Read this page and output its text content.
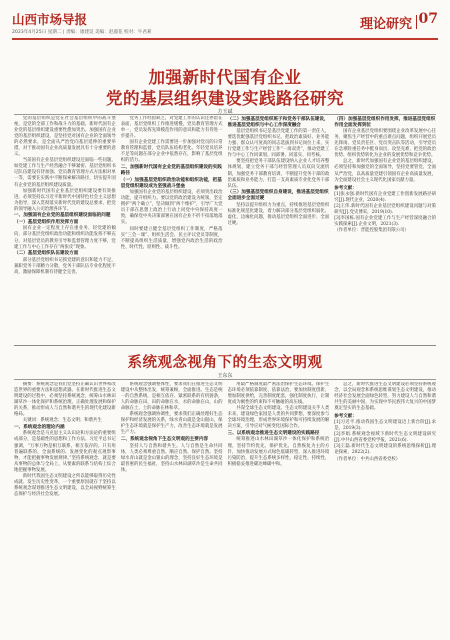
山西市场导报
2023年4月25日 星期二 | 责编：康建昊 美编：赵淑花 校对：牛君莉
理论研究 07
加强新时代国有企业
党的基层组织建设实践路径研究
方玉斌

党的基层组织是党在社会基层组织中的战斗堡垒，是党的全部工作和战斗力的基础。新时代国有企业党的基层组织建设重要性愈加突出。加强国有企业党的基层组织建设，是坚持党对国有企业的全面领导的必然要求，是全面从严治党向基层延伸的重要举措，对于推动国有企业高质量发展具有十分重要的意义。

当前国有企业基层党组织建设还面临一些问题，如党建工作与生产经营融合不够紧密、基层党组织书记队伍建设有待加强、党员教育管理方式方法相对单一等，需要在实践中不断探索解决路径，切实提升国有企业党的基层组织建设质量。

加强新时代国有企业基层党组织建设要有效推进，必须坚持以习近平新时代中国特色社会主义思想为指导，深入贯彻落实新时代党的建设总要求，把党的领导融入公司治理各环节。

一、加强国有企业党的基层组织建设面临的问题
（一）基层党组织作用发挥方面

国有企业一定程度上存在重业务、轻党建的倾向，部分基层党组织政治功能和组织功能发挥不够充分，对基层党员的教育引导和监督管理力度不够，党建工作与中心工作存在“两张皮”现象。

（二）基层党组织队伍建设方面

部分基层党组织书记抓党建的意识和能力不足，兼职党务干部精力分散，党务干部队伍专业化程度不高，激励保障机制有待健全完善。

党务工作经验缺乏，对党建工作的认识还停留在表面，基层党组织工作推进缓慢，党员教育管理方式单一，党员发挥先锋模范作用的意识和能力有待进一步提升。

国有企业党建工作需要进一步加强对党员的日常教育管理和监督，党员队伍结构老化、年轻党员培养不足等问题在部分企业中依然存在，影响了基层党组织的活力。

二、加强新时代国有企业党的基层组织建设的实践路径
（一）加强基层党组织政治功能和组织功能，把基层党组织建设成为坚强战斗堡垒

加强国有企业党的基层组织建设，必须突出政治功能，提升组织力。要以党的政治建设为统领，坚定拥护“两个确立”，坚决做到“两个维护”，引导广大党员干部在思想上政治上行动上同党中央保持高度一致，确保党中央决策部署在国有企业不折不扣落地落实。

同时要建立健全基层党组织工作制度，严格落实“三会一课”、组织生活会、民主评议党员等制度，不断提高组织生活质量，增强党内政治生活的政治性、时代性、原则性、战斗性。

（二）加强基层党组织班子和党务干部队伍建设，推进基层党组织与中心工作深度融合

基层党组织书记是基层党建工作的第一责任人，要选优配强基层党组织书记，把政治素质好、业务能力强、群众认可度高的同志选拔到书记岗位上来，实行党建工作与生产经营工作“一岗双责”，推动党建工作与中心工作同谋划、同部署、同落实、同考核。

要坚持把党务干部队伍建设纳入企业人才培养整体规划，建立党务干部与经营管理人员双向交流机制，加强党务干部教育培训，不断提升党务干部的政治素质和业务能力，打造一支高素质专业化党务干部队伍。

（三）加强基层党组织自身建设，推进基层党组织全面进步全面过硬

坚持以提升组织力为重点，持续推进基层党组织标准化规范化建设，着力解决部分基层党组织弱化、虚化、边缘化问题，推动基层党组织全面进步、全面过硬。

（四）加强基层党组织作用发挥，推进基层党组织作用全面发挥到位

国有企业基层党组织要围绕企业改革发展中心任务，聚焦生产经营中的重点难点问题，组织开展党员先锋岗、党员责任区、党员突击队等活动，引导党员在急难险重任务中挺身而出、攻坚克难，把党的政治优势、组织优势转化为企业的发展优势和竞争优势。

总之，新时代加强国有企业党的基层组织建设，必须坚持和加强党的全面领导，坚持党要管党、全面从严治党，以高质量党建引领国有企业高质量发展，为全面建设社会主义现代化国家贡献力量。

参考文献：

[1]张永强.新时代国有企业党建工作创新发展路径研究[J].现代企业，2020(4).

[2]王伟.新时代国有企业基层党组织建设问题与对策研究[J].党史博采，2019(10).

[3]李国栋.国有企业党建工作与生产经营深度融合的实践探索[J].企业文明，2021(3).

（作者单位：晋能控股集团有限公司）

系统观念视角下的生态文明观
王东东

摘要：系统观念是我们党坚持正确认识世界和改造世界的重要方法和思想武器。在新时代推进生态文明建设的过程中，必须坚持系统观念，统筹山水林田湖草沙一体化保护和系统治理，正确处理发展和保护的关系，推动形成人与自然和谐共生的现代化建设新格局。

关键词：系统观念；生态文明；和谐共生

一、系统观念的理论内涵

系统观念是马克思主义认识论和方法论的重要组成部分，是基础性的思想和工作方法。习近平总书记强调，“万事万物是相互联系、相互依存的。只有用普遍联系的、全面系统的、发展变化的观点观察事物，才能把握事物发展规律。”坚持系统观念，就是要从事物的总体与全局上、从要素的联系与结构上综合地把握事物发展。

新时代我国生态文明建设之所以能够取得历史性成就、发生历史性变革，一个重要原因就在于坚持以系统观念谋划推进生态文明建设，以全局视野统筹生态保护与经济社会发展。

系统观念强调整体性，要求我们在推进生态文明建设中从整体出发，统筹兼顾，全面推进。生态是统一的自然系统，是相互依存、紧密联系的有机链条，人的命脉在田，田的命脉在水，水的命脉在山，山的命脉在土，土的命脉在林和草。

系统观念强调协调性，要求我们正确处理好生态保护和经济发展的关系，绿水青山就是金山银山，保护生态环境就是保护生产力，改善生态环境就是发展生产力。

二、系统观念视角下生态文明观的主要内容

坚持人与自然和谐共生。人与自然是生命共同体，人类必须尊重自然、顺应自然、保护自然。坚持绿水青山就是金山银山的理念，坚持良好生态环境是最普惠的民生福祉，坚持山水林田湖草沙是生命共同体。

用最严格制度最严密法治保护生态环境。保护生态环境必须依靠制度、依靠法治，要加快制度创新，增加制度供给，完善制度配套，强化制度执行，让制度成为刚性的约束和不可触碰的高压线。

共谋全球生态文明建设。生态文明建设关乎人类未来，建设绿色家园是人类的共同梦想，要深度参与全球环境治理，形成世界环境保护和可持续发展的解决方案，引导应对气候变化国际合作。

三、以系统观念推进生态文明建设的实践路径

统筹推进山水林田湖草沙一体化保护和系统治理，坚持节约优先、保护优先、自然恢复为主的方针，加快推动发展方式绿色低碳转型，深入推进环境污染防治，提升生态系统多样性、稳定性、持续性，积极稳妥推进碳达峰碳中和。

总之，新时代推进生态文明建设必须坚持系统观念，以全局观念和系统思维谋划生态文明建设，推动经济社会发展全面绿色转型，努力建设人与自然和谐共生的美丽中国，为实现中华民族伟大复兴的中国梦奠定坚实的生态基础。

参考文献：

[1]习近平.推动我国生态文明建设迈上新台阶[J].求是，2019(3).

[2]李娟.系统观念视域下新时代生态文明建设研究[J].中共山西省委党校学报，2021(6).

[3]王磊.新时代生态文明建设的系统思维探析[J].理论探索，2022(2).

（作者单位：中共山西省委党校）
